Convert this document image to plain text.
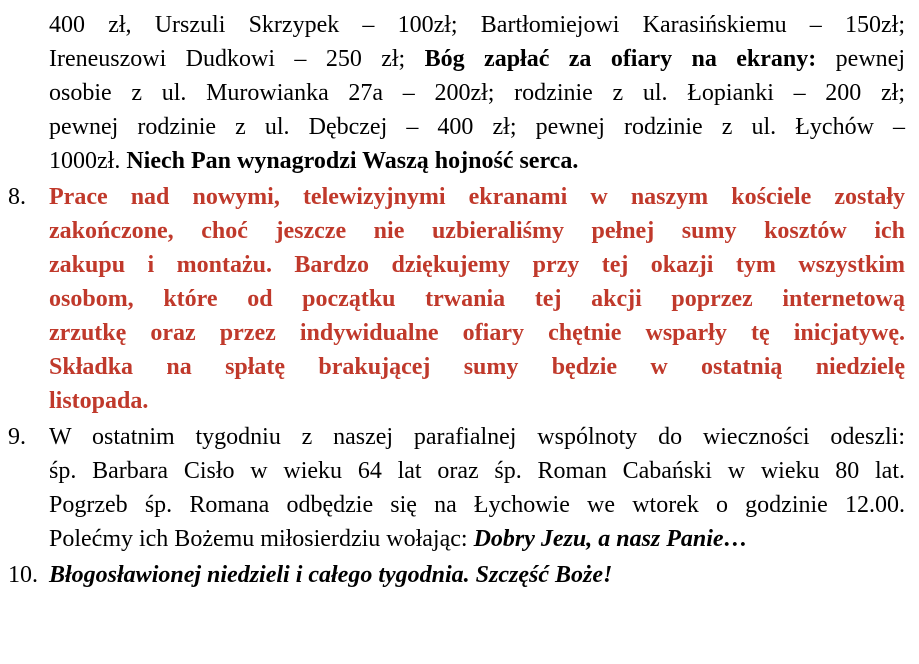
400 zł, Urszuli Skrzypek – 100zł; Bartłomiejowi Karasińskiemu – 150zł;
Ireneuszowi Dudkowi – 250 zł; Bóg zapłać za ofiary na ekrany: pewnej
osobie z ul. Murowianka 27a – 200zł; rodzinie z ul. Łopianki – 200 zł;
pewnej rodzinie z ul. Dębczej – 400 zł; pewnej rodzinie z ul. Łychów –
1000zł. Niech Pan wynagrodzi Waszą hojność serca.
8. Prace nad nowymi, telewizyjnymi ekranami w naszym kościele zostały
zakończone, choć jeszcze nie uzbieraliśmy pełnej sumy kosztów ich
zakupu i montażu. Bardzo dziękujemy przy tej okazji tym wszystkim
osobom, które od początku trwania tej akcji poprzez internetową
zrzutkę oraz przez indywidualne ofiary chętnie wsparły tę inicjatywę.
Składka na spłatę brakującej sumy będzie w ostatnią niedzielę
listopada.
9. W ostatnim tygodniu z naszej parafialnej wspólnoty do wieczności odeszli:
śp. Barbara Cisło w wieku 64 lat oraz śp. Roman Cabański w wieku 80 lat.
Pogrzeb śp. Romana odbędzie się na Łychowie we wtorek o godzinie 12.00.
Polećmy ich Bożemu miłosierdziu wołając: Dobry Jezu, a nasz Panie…
10. Błogosławionej niedzieli i całego tygodnia. Szczęść Boże!
